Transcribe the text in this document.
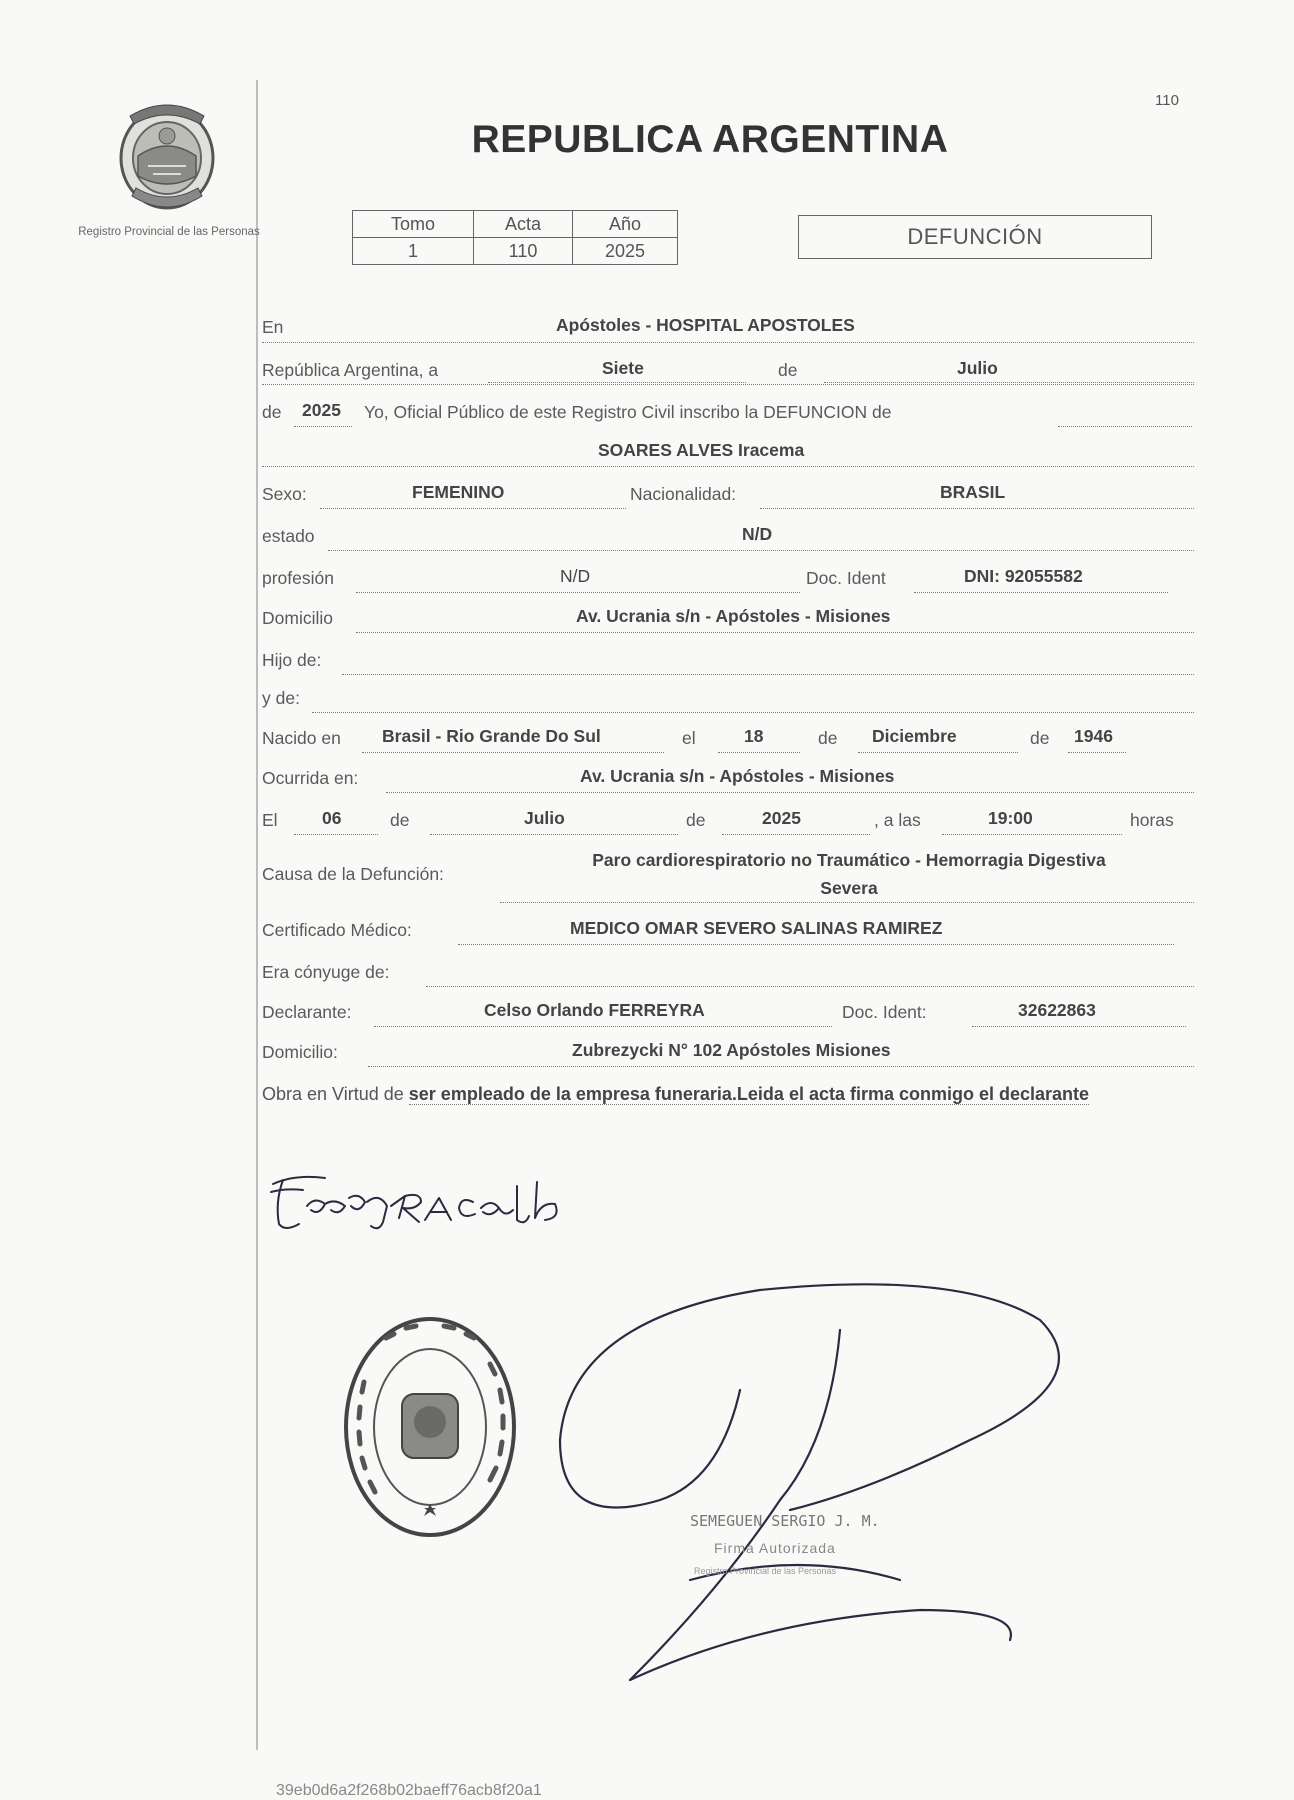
Registro Provincial de las Personas
110
REPUBLICA ARGENTINA
Tomo	Acta	Año
1	110	2025
DEFUNCIÓN
En	Apóstoles - HOSPITAL APOSTOLES
República Argentina, a	Siete	de	Julio
de 2025 Yo, Oficial Público de este Registro Civil inscribo la DEFUNCION de
SOARES ALVES Iracema
Sexo:	FEMENINO	Nacionalidad:	BRASIL
estado	N/D
profesión	N/D	Doc. Ident	DNI: 92055582
Domicilio	Av. Ucrania s/n - Apóstoles - Misiones
Hijo de:
y de:
Nacido en Brasil - Rio Grande Do Sul	el	18	de Diciembre	de 1946
Ocurrida en:	Av. Ucrania s/n - Apóstoles - Misiones
El	06	de	Julio	de	2025	, a las	19:00	horas
Causa de la Defunción:
Paro cardiorespiratorio no Traumático - Hemorragia Digestiva
Severa
Certificado Médico:	MEDICO OMAR SEVERO SALINAS RAMIREZ
Era cónyuge de:
Declarante:	Celso Orlando FERREYRA	Doc. Ident:	32622863
Domicilio:	Zubrezycki N° 102 Apóstoles Misiones
Obra en Virtud de ser empleado de la empresa funeraria.Leida el acta firma conmigo el declarante
SEMEGUEN SERGIO J. M.
Firma Autorizada
Registro Provincial de las Personas
39eb0d6a2f268b02baeff76acb8f20a1
